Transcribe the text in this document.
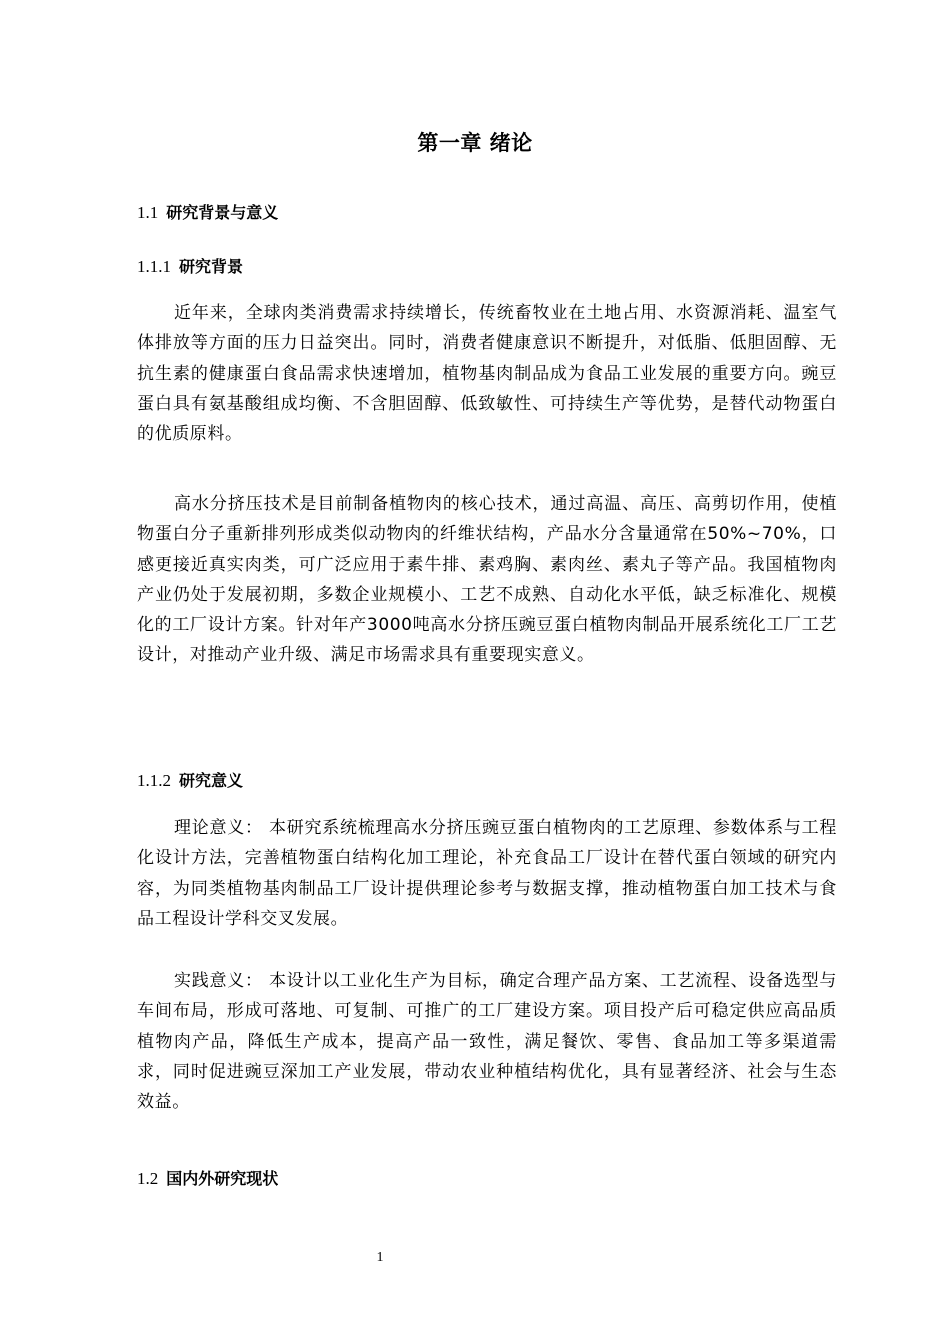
第一章 绪论
1.1 研究背景与意义
1.1.1 研究背景

近年来，全球肉类消费需求持续增长，传统畜牧业在土地占用、水资源消耗、温室气体排放等方面的压力日益突出。同时，消费者健康意识不断提升，对低脂、低胆固醇、无抗生素的健康蛋白食品需求快速增加，植物基肉制品成为食品工业发展的重要方向。豌豆蛋白具有氨基酸组成均衡、不含胆固醇、低致敏性、可持续生产等优势，是替代动物蛋白的优质原料。

高水分挤压技术是目前制备植物肉的核心技术，通过高温、高压、高剪切作用，使植物蛋白分子重新排列形成类似动物肉的纤维状结构，产品水分含量通常在50%~70%，口感更接近真实肉类，可广泛应用于素牛排、素鸡胸、素肉丝、素丸子等产品。我国植物肉产业仍处于发展初期，多数企业规模小、工艺不成熟、自动化水平低，缺乏标准化、规模化的工厂设计方案。针对年产3000吨高水分挤压豌豆蛋白植物肉制品开展系统化工厂工艺设计，对推动产业升级、满足市场需求具有重要现实意义。

1.1.2 研究意义

理论意义： 本研究系统梳理高水分挤压豌豆蛋白植物肉的工艺原理、参数体系与工程化设计方法，完善植物蛋白结构化加工理论，补充食品工厂设计在替代蛋白领域的研究内容，为同类植物基肉制品工厂设计提供理论参考与数据支撑，推动植物蛋白加工技术与食品工程设计学科交叉发展。

实践意义： 本设计以工业化生产为目标，确定合理产品方案、工艺流程、设备选型与车间布局，形成可落地、可复制、可推广的工厂建设方案。项目投产后可稳定供应高品质植物肉产品，降低生产成本，提高产品一致性，满足餐饮、零售、食品加工等多渠道需求，同时促进豌豆深加工产业发展，带动农业种植结构优化，具有显著经济、社会与生态效益。

1.2 国内外研究现状
1
